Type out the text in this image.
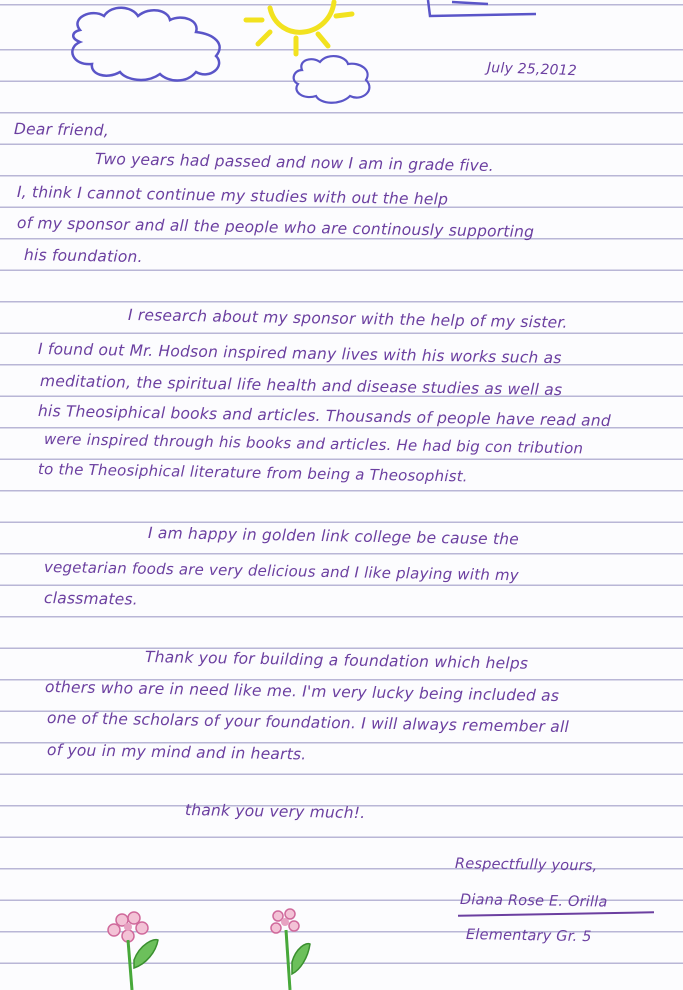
July 25,2012
Dear friend,
Two years had passed and now I am in grade five.
I, think I cannot continue my studies with out the help
of my sponsor and all the people who are continously supporting
his foundation.
I research about my sponsor with the help of my sister.
I found out Mr. Hodson inspired many lives with his works such as
meditation, the spiritual life health and disease studies as well as
his Theosiphical books and articles. Thousands of people have read and
were inspired through his books and articles. He had big con tribution
to the Theosiphical literature from being a Theosophist.
I am happy in golden link college be cause the
vegetarian foods are very delicious and I like playing with my
classmates.
Thank you for building a foundation which helps
others who are in need like me. I'm very lucky being included as
one of the scholars of your foundation. I will always remember all
of you in my mind and in hearts.
thank you very much!.
Respectfully yours,
Diana Rose E. Orilla
Elementary Gr. 5
